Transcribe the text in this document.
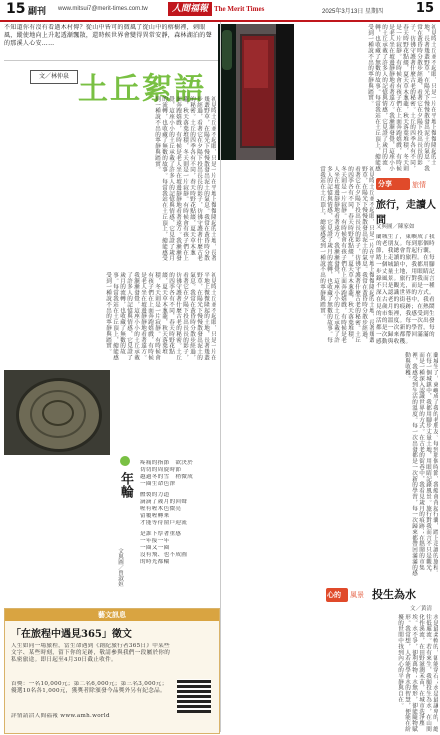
15 副刊 www.mitsui7@merit-times.com.tw	人間福報 The Merit Times	2025年3月13日 星期四	15
不知道你有沒有看過木村傳？從山中皆可的微風了從山中的榕樹裡，刺眼風，縱使地向上升起透漸飄散，還時候世界會變得異常安靜，森林湖泊的聲的那溪人心安……
文／林仲泉 土丘絮語
初見時土丘並不起眼，只是一片在平地上微微隆起的土地，長著幾叢野草，在陽光下慢慢散發出泥土的氣息。我常在黃昏時分散步經過，看著它在夕陽下投出長長的影子，彷彿守護著什麼古老的秘密。土丘的四季各有不同，春天時野花點綴，夏天草木葱蘢，秋天落葉堆積，冬天則是一片寂靜。有時候會有孩子們在上面奔跑嬉戲，有時候是老人坐在坡邊靜靜地看著遠方。我漸漸發覺，這座小小的土丘承載了許多人的記憶與情感，它見證了歲月的流轉，也收藏了無數的故事。每當我站在土丘頂上，總能感受到一種說不出的寧靜與踏實。
初見時土丘並不起眼，只是一片在平地上微微隆起的土地，長著幾叢野草，在陽光下慢慢散發出泥土的氣息。我常在黃昏時分散步經過，看著它在夕陽下投出長長的影子，彷彿守護著什麼古老的秘密。土丘的四季各有不同，春天時野花點綴，夏天草木葱蘢，秋天落葉堆積，冬天則是一片寂靜。有時候會有孩子們在上面奔跑嬉戲，有時候是老人坐在坡邊靜靜地看著遠方。我漸漸發覺，這座小小的土丘承載了許多人的記憶與情感，它見證了歲月的流轉，也收藏了無數的故事。每當我站在土丘頂上，總能感受到一種說不出的寧靜與踏實。
年輪
文與圖／曾淑姮
疼痛的指節　欲決於
切切的周旋時節
越過冬的雪　稍微成
一圈生命色澤
體製的力道
滴滴了歲月的回聲
喔有喔木色微亮
留覆喔轉來
才能等待窗戶迎流
是誰下厚著重感
一年接一年
一圈又一圈
沒有飛、也不成圓
的時光都輪
藝文訊息
「在旅程中遇見365」徵文
人生如同一場旅程，當生命遇到《創紀旅行者365日》中某些文字、某些時刻，留下你的足跡，敬請參與我們一段屬於你的私密旅途。即日起至4月30日截止收件。
首獎：一名10,000元；第二名6,000元；第三名3,000元；優選10名各1,000元，獲獎者除頒發今品獎外另有紀念品。
詳情請洽人間福報 www.amh.world
初見時土丘並不起眼，只是一片在平地上微微隆起的土地，長著幾叢野草，在陽光下慢慢散發出泥土的氣息。我常在黃昏時分散步經過，看著它在夕陽下投出長長的影子，彷彿守護著什麼古老的秘密。土丘的四季各有不同，春天時野花點綴，夏天草木葱蘢，秋天落葉堆積，冬天則是一片寂靜。有時候會有孩子們在上面奔跑嬉戲，有時候是老人坐在坡邊靜靜地看著遠方。我漸漸發覺，這座小小的土丘承載了許多人的記憶與情感，它見證了歲月的流轉，也收藏了無數的故事。每當我站在土丘頂上，總能感受到一種說不出的寧靜與踏實。
初見時土丘並不起眼，只是一片在平地上微微隆起的土地，長著幾叢野草，在陽光下慢慢散發出泥土的氣息。我常在黃昏時分散步經過，看著它在夕陽下投出長長的影子，彷彿守護著什麼古老的秘密。土丘的四季各有不同，春天時野花點綴，夏天草木葱蘢，秋天落葉堆積，冬天則是一片寂靜。有時候會有孩子們在上面奔跑嬉戲，有時候是老人坐在坡邊靜靜地看著遠方。我漸漸發覺，這座小小的土丘承載了許多人的記憶與情感，它見證了歲月的流轉，也收藏了無數的故事。每當我站在土丘頂上，總能感受到一種說不出的寧靜與踏實。	分享	旅情
旅行，走讀人間
文與圖／陳家如
蘭城生了，東嶼成了我的老朋友。每到那個時節，我總會背起行囊，踏上走讀的旅程。在每一個城鎮中，我都用腳步丈量土地，用眼睛記錄風景。旅行對我而言不只是觀光，而是一種深入認識世界的方式。在古老的街巷中，我看見歲月的痕跡；在熱鬧的市集裡，我感受到生活的溫度。每一次出發都是一次新的學習，每一次歸來都帶回滿滿的感動與收穫。
蘭城生了，東嶼成了我的老朋友。每到那個時節，我總會背起行囊，踏上走讀的旅程。在每一個城鎮中，我都用腳步丈量土地，用眼睛記錄風景。旅行對我而言不只是觀光，而是一種深入認識世界的方式。在古老的街巷中，我看見歲月的痕跡；在熱鬧的市集裡，我感受到生活的溫度。每一次出發都是一次新的學習，每一次歸來都帶回滿滿的感動與收穫。
心的 風景 投生為水
文／黃清
水是最柔軟的，卻能穿石；水是最謙卑的，總往低處流。若有來生，我願投生為水，在山間化作溪流，在田野滋潤禾苗，在城市洗淨塵埃。水不爭，卻利萬物；水無形，卻能隨物賦形。我常想，人若能學會水的智慧，便能在紛擾的世間中找到內心的平靜與自在。
